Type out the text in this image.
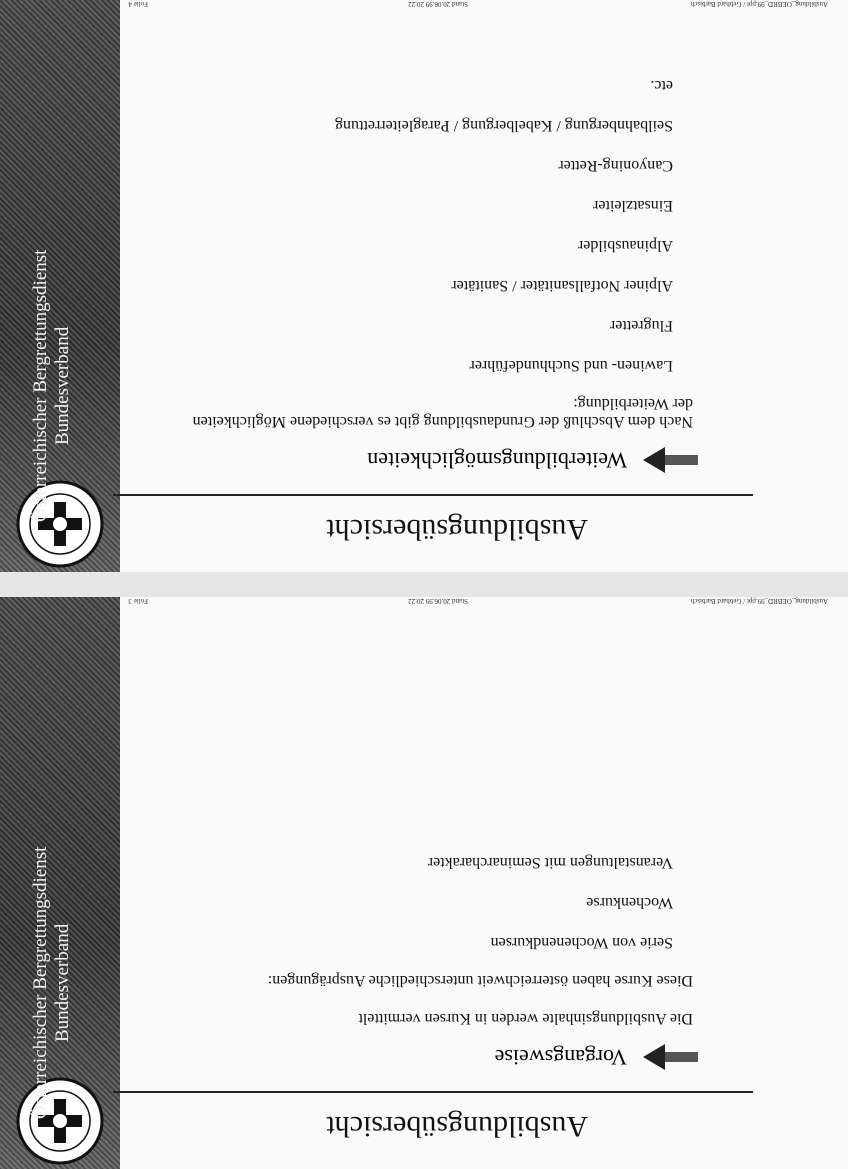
Österreichischer Bergrettungsdienst Bundesverband
Ausbildungsübersicht
Vorgangsweise

Die Ausbildungsinhalte werden in Kursen vermittelt

Diese Kurse haben österreichweit unterschiedliche Ausprägungen:

Serie von Wochenendkursen

Wochenkurse

Veranstaltungen mit Seminarcharakter

Ausbildung_OEBRD_99.ppt / Gebhard Barbisch
Stand 20.06.99 20:22
Folie 3
Österreichischer Bergrettungsdienst Bundesverband
Ausbildungsübersicht
Weiterbildungsmöglichkeiten

Nach dem Abschluß der Grundausbildung gibt es verschiedene Möglichkeiten der Weiterbildung:

Lawinen- und Suchhundeführer

Flugretter

Alpiner Notfallsanitäter / Sanitäter

Alpinausbilder

Einsatzleiter

Canyoning-Retter

Seilbahnbergung / Kabelbergung / Paragleiterrettung

etc.

Ausbildung_OEBRD_99.ppt / Gebhard Barbisch
Stand 20.06.99 20:22
Folie 4
